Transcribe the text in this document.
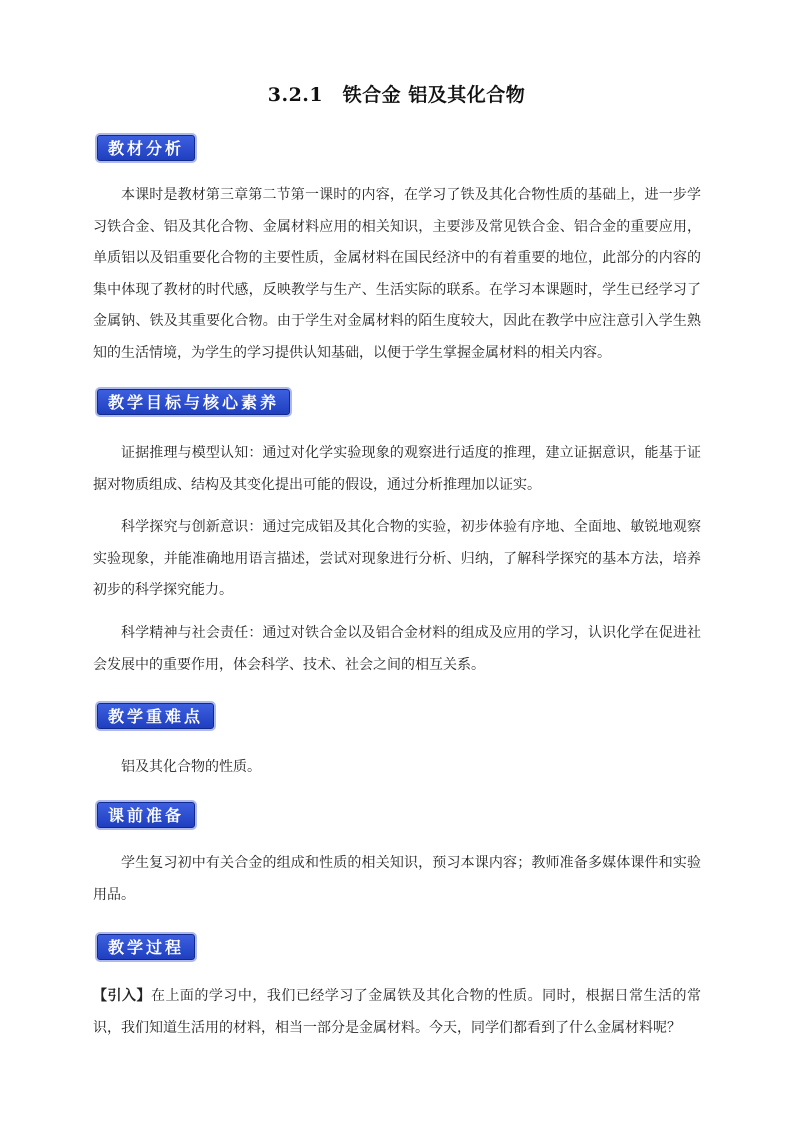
3.2.1　铁合金 铝及其化合物
教材分析
本课时是教材第三章第二节第一课时的内容，在学习了铁及其化合物性质的基础上，进一步学习铁合金、铝及其化合物、金属材料应用的相关知识，主要涉及常见铁合金、铝合金的重要应用，单质铝以及铝重要化合物的主要性质，金属材料在国民经济中的有着重要的地位，此部分的内容的集中体现了教材的时代感，反映教学与生产、生活实际的联系。在学习本课题时，学生已经学习了金属钠、铁及其重要化合物。由于学生对金属材料的陌生度较大，因此在教学中应注意引入学生熟知的生活情境，为学生的学习提供认知基础，以便于学生掌握金属材料的相关内容。
教学目标与核心素养
证据推理与模型认知：通过对化学实验现象的观察进行适度的推理，建立证据意识，能基于证据对物质组成、结构及其变化提出可能的假设，通过分析推理加以证实。
科学探究与创新意识：通过完成铝及其化合物的实验，初步体验有序地、全面地、敏锐地观察实验现象，并能准确地用语言描述，尝试对现象进行分析、归纳，了解科学探究的基本方法，培养初步的科学探究能力。
科学精神与社会责任：通过对铁合金以及铝合金材料的组成及应用的学习，认识化学在促进社会发展中的重要作用，体会科学、技术、社会之间的相互关系。
教学重难点
铝及其化合物的性质。
课前准备
学生复习初中有关合金的组成和性质的相关知识，预习本课内容；教师准备多媒体课件和实验用品。
教学过程
【引入】在上面的学习中，我们已经学习了金属铁及其化合物的性质。同时，根据日常生活的常识，我们知道生活用的材料，相当一部分是金属材料。今天，同学们都看到了什么金属材料呢？
